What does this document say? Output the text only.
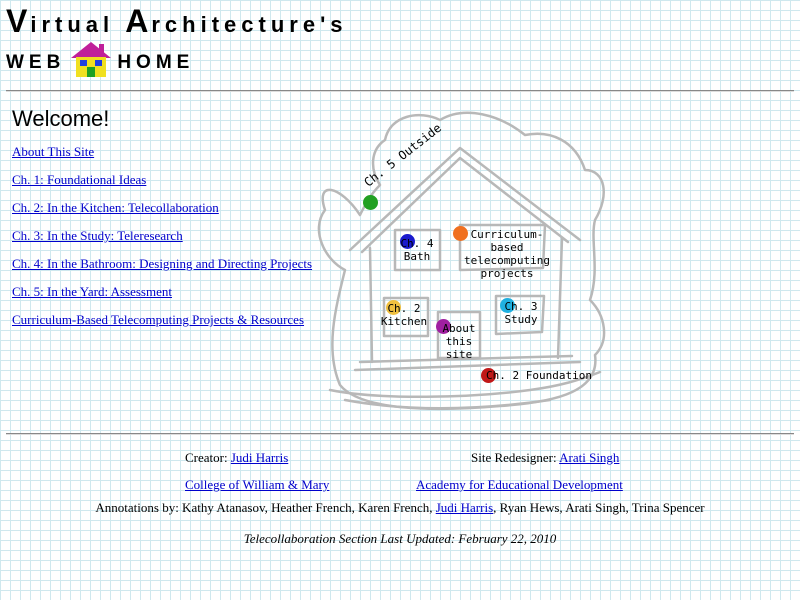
Virtual Architecture's
WEB	HOME
Welcome!
About This Site
Ch. 1: Foundational Ideas
Ch. 2: In the Kitchen: Telecollaboration
Ch. 3: In the Study: Teleresearch
Ch. 4: In the Bathroom: Designing and Directing Projects
Ch. 5: In the Yard: Assessment
Curriculum-Based Telecomputing Projects & Resources
Ch. 5 Outside
Ch. 4
Bath
Curriculum-based
telecomputing
projects
Ch. 2
Kitchen
Ch. 3
Study
About
this site
Ch. 2 Foundation
Creator: Judi Harris	Site Redesigner: Arati Singh
College of William & Mary	Academy for Educational Development
Annotations by: Kathy Atanasov, Heather French, Karen French, Judi Harris, Ryan Hews, Arati Singh, Trina Spencer
Telecollaboration Section Last Updated: February 22, 2010
